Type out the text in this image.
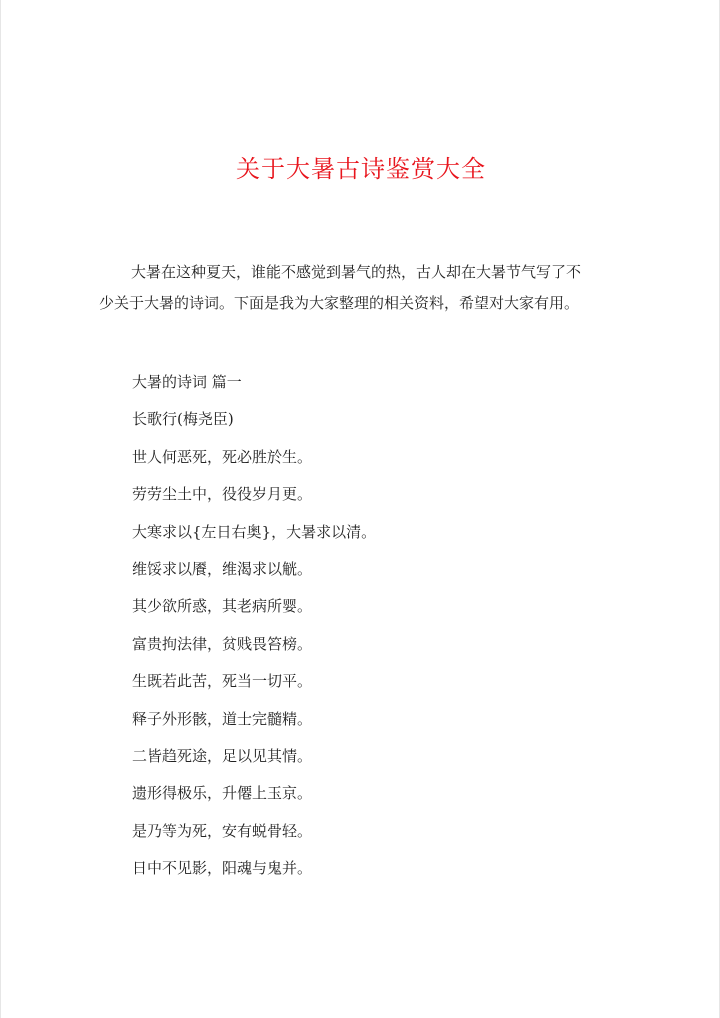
关于大暑古诗鉴赏大全
大暑在这种夏天，谁能不感觉到暑气的热，古人却在大暑节气写了不
少关于大暑的诗词。下面是我为大家整理的相关资料，希望对大家有用。
大暑的诗词 篇一
长歌行(梅尧臣)
世人何恶死，死必胜於生。
劳劳尘土中，役役岁月更。
大寒求以{左日右奥}，大暑求以清。
维馁求以餍，维渴求以觥。
其少欲所惑，其老病所婴。
富贵拘法律，贫贱畏笞榜。
生既若此苦，死当一切平。
释子外形骸，道士完髓精。
二皆趋死途，足以见其情。
遗形得极乐，升僊上玉京。
是乃等为死，安有蜕骨轻。
日中不见影，阳魂与鬼并。
